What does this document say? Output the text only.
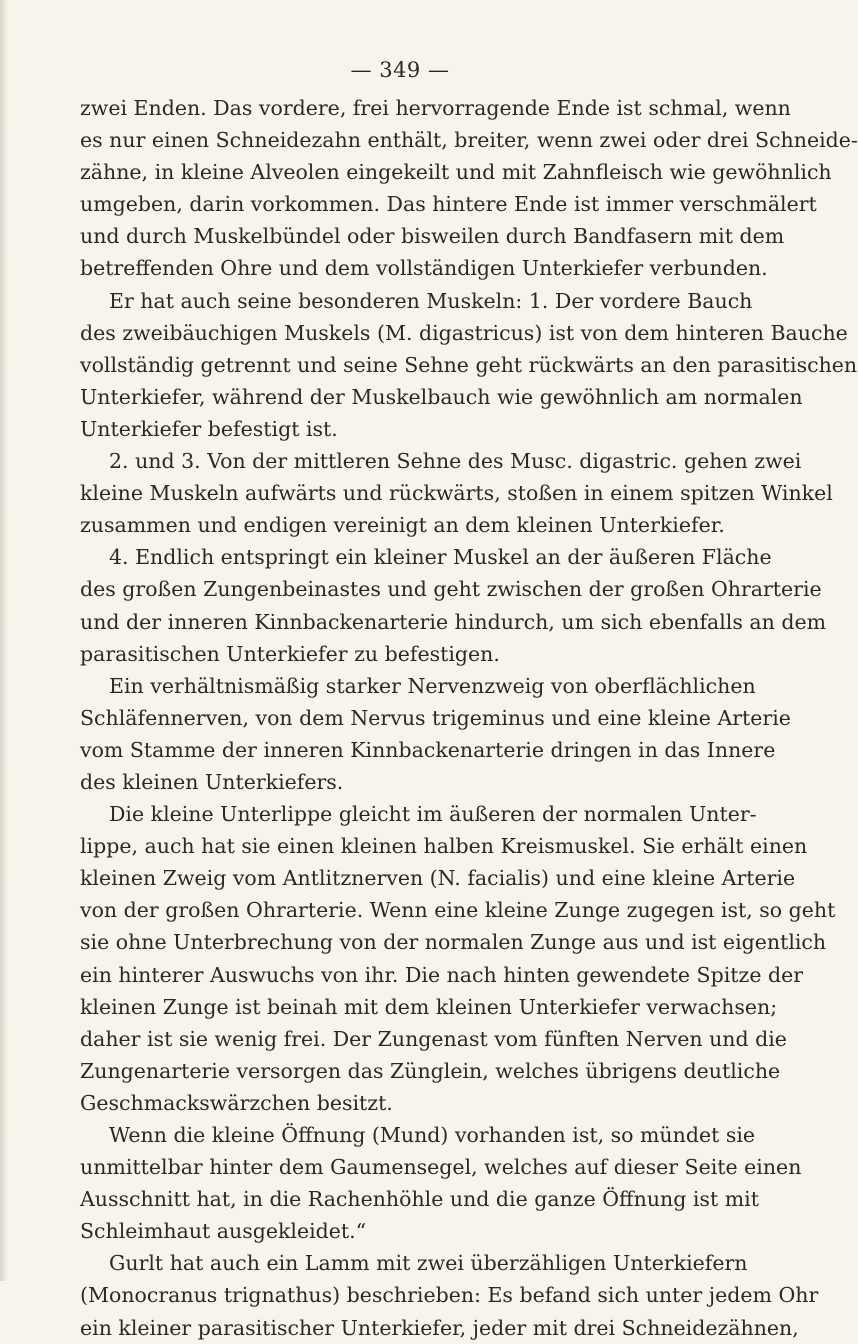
— 349 —
zwei Enden. Das vordere, frei hervorragende Ende ist schmal, wenn
es nur einen Schneidezahn enthält, breiter, wenn zwei oder drei Schneide-
zähne, in kleine Alveolen eingekeilt und mit Zahnfleisch wie gewöhnlich
umgeben, darin vorkommen. Das hintere Ende ist immer verschmälert
und durch Muskelbündel oder bisweilen durch Bandfasern mit dem
betreffenden Ohre und dem vollständigen Unterkiefer verbunden.
Er hat auch seine besonderen Muskeln: 1. Der vordere Bauch
des zweibäuchigen Muskels (M. digastricus) ist von dem hinteren Bauche
vollständig getrennt und seine Sehne geht rückwärts an den parasitischen
Unterkiefer, während der Muskelbauch wie gewöhnlich am normalen
Unterkiefer befestigt ist.
2. und 3. Von der mittleren Sehne des Musc. digastric. gehen zwei
kleine Muskeln aufwärts und rückwärts, stoßen in einem spitzen Winkel
zusammen und endigen vereinigt an dem kleinen Unterkiefer.
4. Endlich entspringt ein kleiner Muskel an der äußeren Fläche
des großen Zungenbeinastes und geht zwischen der großen Ohrarterie
und der inneren Kinnbackenarterie hindurch, um sich ebenfalls an dem
parasitischen Unterkiefer zu befestigen.
Ein verhältnismäßig starker Nervenzweig von oberflächlichen
Schläfennerven, von dem Nervus trigeminus und eine kleine Arterie
vom Stamme der inneren Kinnbackenarterie dringen in das Innere
des kleinen Unterkiefers.
Die kleine Unterlippe gleicht im äußeren der normalen Unter-
lippe, auch hat sie einen kleinen halben Kreismuskel. Sie erhält einen
kleinen Zweig vom Antlitznerven (N. facialis) und eine kleine Arterie
von der großen Ohrarterie. Wenn eine kleine Zunge zugegen ist, so geht
sie ohne Unterbrechung von der normalen Zunge aus und ist eigentlich
ein hinterer Auswuchs von ihr. Die nach hinten gewendete Spitze der
kleinen Zunge ist beinah mit dem kleinen Unterkiefer verwachsen;
daher ist sie wenig frei. Der Zungenast vom fünften Nerven und die
Zungenarterie versorgen das Zünglein, welches übrigens deutliche
Geschmackswärzchen besitzt.
Wenn die kleine Öffnung (Mund) vorhanden ist, so mündet sie
unmittelbar hinter dem Gaumensegel, welches auf dieser Seite einen
Ausschnitt hat, in die Rachenhöhle und die ganze Öffnung ist mit
Schleimhaut ausgekleidet.“
Gurlt hat auch ein Lamm mit zwei überzähligen Unterkiefern
(Monocranus trignathus) beschrieben: Es befand sich unter jedem Ohr
ein kleiner parasitischer Unterkiefer, jeder mit drei Schneidezähnen,
